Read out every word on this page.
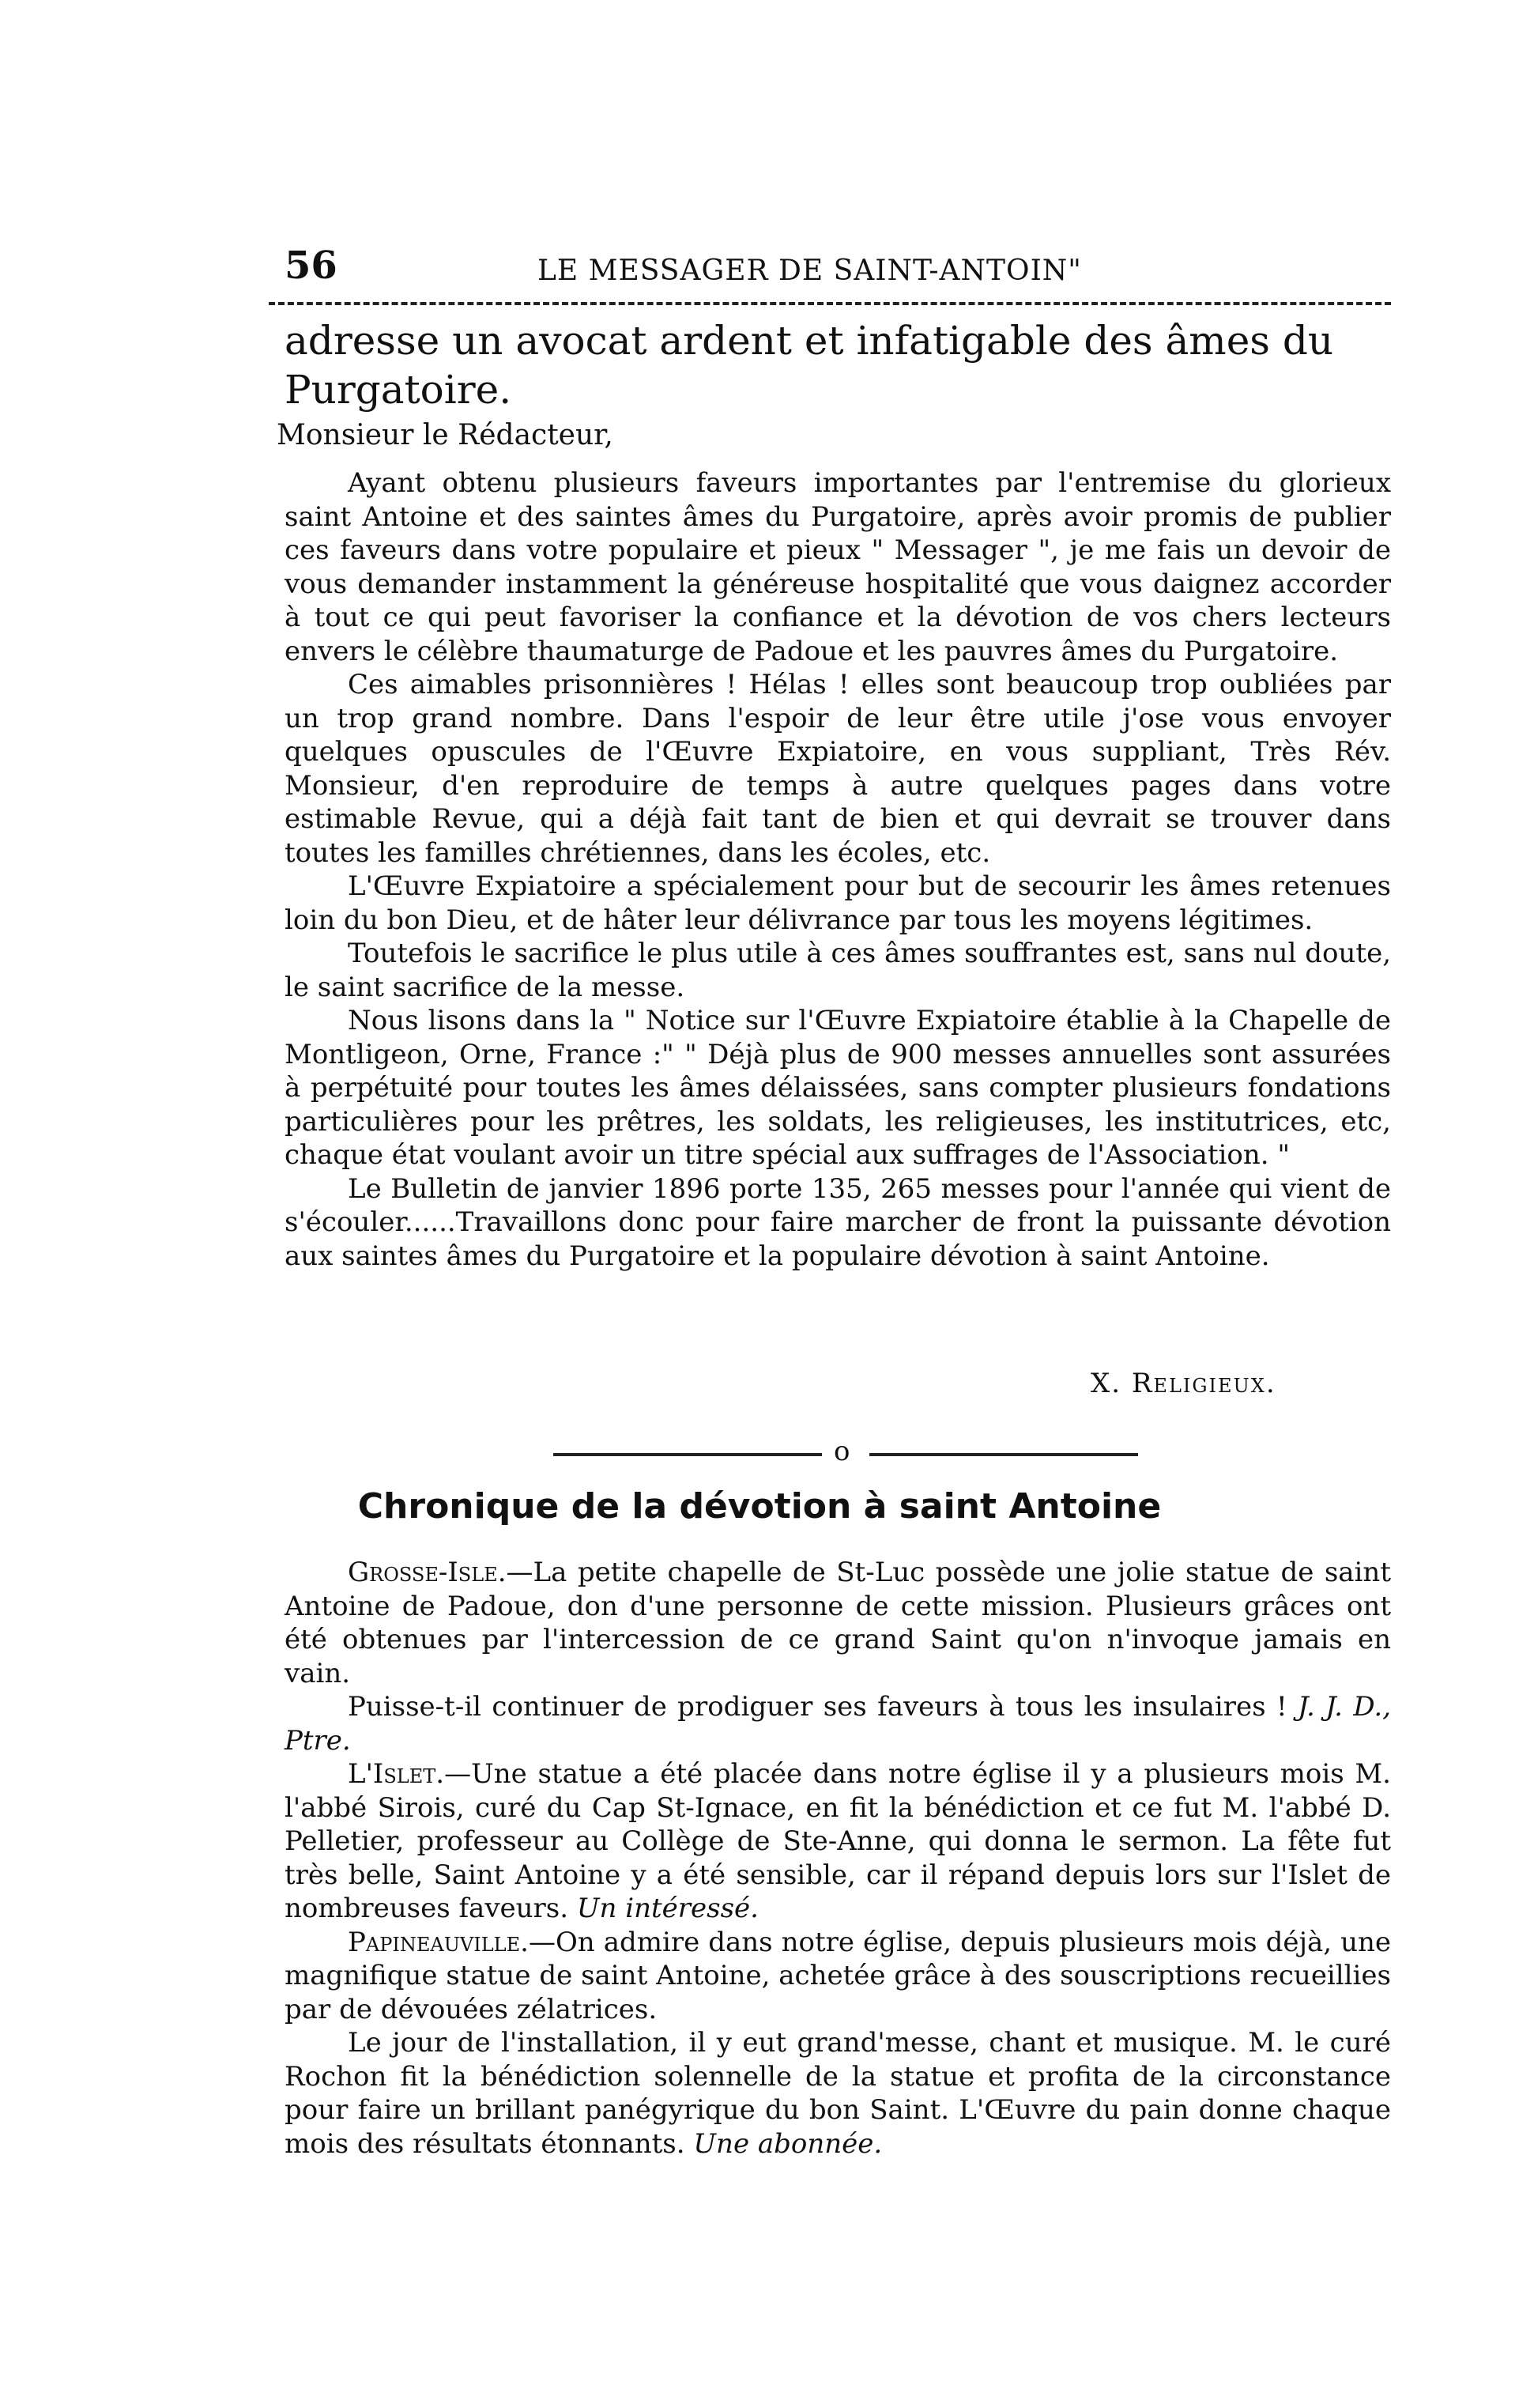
56	LE MESSAGER DE SAINT-ANTOIN"
adresse un avocat ardent et infatigable des âmes du Purgatoire.
Monsieur le Rédacteur,

Ayant obtenu plusieurs faveurs importantes par l'entremise du glorieux saint Antoine et des saintes âmes du Purgatoire, après avoir promis de publier ces faveurs dans votre populaire et pieux " Messager ", je me fais un devoir de vous demander instamment la généreuse hospitalité que vous daignez accorder à tout ce qui peut favoriser la confiance et la dévotion de vos chers lecteurs envers le célèbre thaumaturge de Padoue et les pauvres âmes du Purgatoire.

Ces aimables prisonnières ! Hélas ! elles sont beaucoup trop oubliées par un trop grand nombre. Dans l'espoir de leur être utile j'ose vous envoyer quelques opuscules de l'Œuvre Expiatoire, en vous suppliant, Très Rév. Monsieur, d'en reproduire de temps à autre quelques pages dans votre estimable Revue, qui a déjà fait tant de bien et qui devrait se trouver dans toutes les familles chrétiennes, dans les écoles, etc.

L'Œuvre Expiatoire a spécialement pour but de secourir les âmes retenues loin du bon Dieu, et de hâter leur délivrance par tous les moyens légitimes.

Toutefois le sacrifice le plus utile à ces âmes souffrantes est, sans nul doute, le saint sacrifice de la messe.

Nous lisons dans la " Notice sur l'Œuvre Expiatoire établie à la Chapelle de Montligeon, Orne, France :" " Déjà plus de 900 messes annuelles sont assurées à perpétuité pour toutes les âmes délaissées, sans compter plusieurs fondations particulières pour les prêtres, les soldats, les religieuses, les institutrices, etc, chaque état voulant avoir un titre spécial aux suffrages de l'Association. "

Le Bulletin de janvier 1896 porte 135, 265 messes pour l'année qui vient de s'écouler......Travaillons donc pour faire marcher de front la puissante dévotion aux saintes âmes du Purgatoire et la populaire dévotion à saint Antoine.

X. Religieux.
o
Chronique de la dévotion à saint Antoine

Grosse-Isle.—La petite chapelle de St-Luc possède une jolie statue de saint Antoine de Padoue, don d'une personne de cette mission. Plusieurs grâces ont été obtenues par l'intercession de ce grand Saint qu'on n'invoque jamais en vain.

Puisse-t-il continuer de prodiguer ses faveurs à tous les insulaires ! J. J. D., Ptre.

L'Islet.—Une statue a été placée dans notre église il y a plusieurs mois M. l'abbé Sirois, curé du Cap St-Ignace, en fit la bénédiction et ce fut M. l'abbé D. Pelletier, professeur au Collège de Ste-Anne, qui donna le sermon. La fête fut très belle, Saint Antoine y a été sensible, car il répand depuis lors sur l'Islet de nombreuses faveurs. Un intéressé.

Papineauville.—On admire dans notre église, depuis plusieurs mois déjà, une magnifique statue de saint Antoine, achetée grâce à des souscriptions recueillies par de dévouées zélatrices.

Le jour de l'installation, il y eut grand'messe, chant et musique. M. le curé Rochon fit la bénédiction solennelle de la statue et profita de la circonstance pour faire un brillant panégyrique du bon Saint. L'Œuvre du pain donne chaque mois des résultats étonnants. Une abonnée.
